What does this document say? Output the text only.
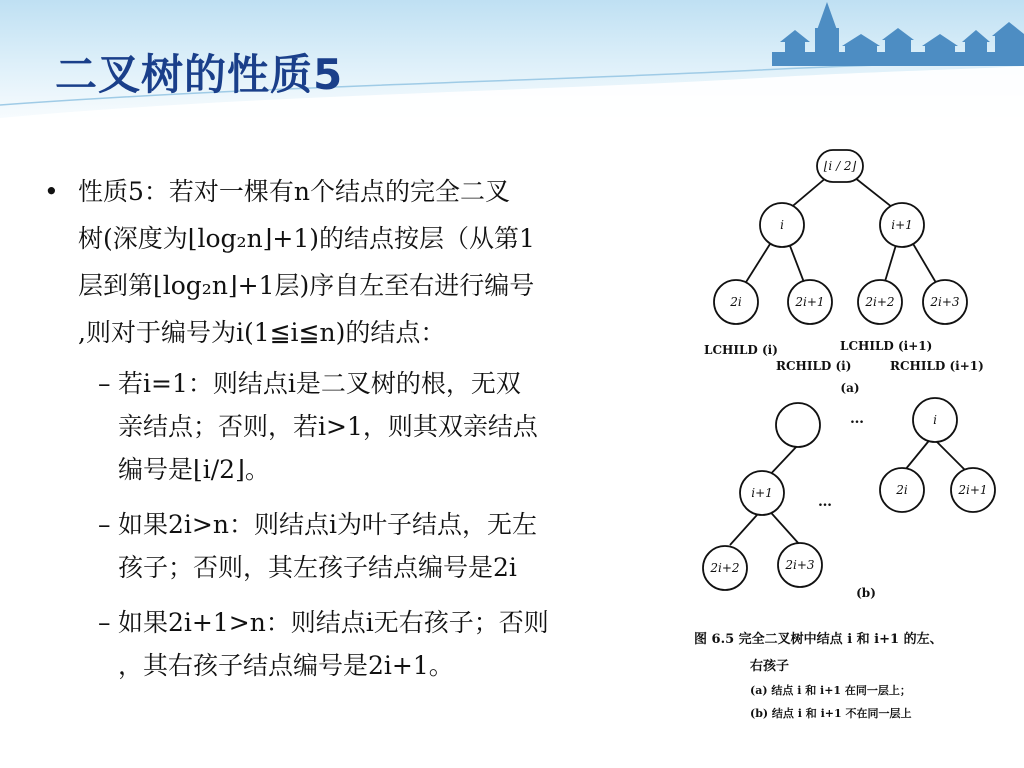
二叉树的性质5
• 性质5：若对一棵有n个结点的完全二叉
树(深度为⌊log₂n⌋+1)的结点按层（从第1
层到第⌊log₂n⌋+1层)序自左至右进行编号
,则对于编号为i(1≦i≦n)的结点：
– 若i=1：则结点i是二叉树的根，无双
亲结点；否则，若i>1，则其双亲结点
编号是⌊i/2⌋。
– 如果2i>n：则结点i为叶子结点，无左
孩子；否则，其左孩子结点编号是2i
– 如果2i+1>n：则结点i无右孩子；否则
，其右孩子结点编号是2i+1。
⌊i / 2⌋
i	i+1
2i	2i+1	2i+2	2i+3
LCHILD (i)	LCHILD (i+1)
RCHILD (i)	RCHILD (i+1)
(a)
i
i+1	2i	2i+1
2i+2	2i+3
…
…
(b)
图 6.5 完全二叉树中结点 i 和 i+1 的左、
右孩子
(a) 结点 i 和 i+1 在同一层上；
(b) 结点 i 和 i+1 不在同一层上
